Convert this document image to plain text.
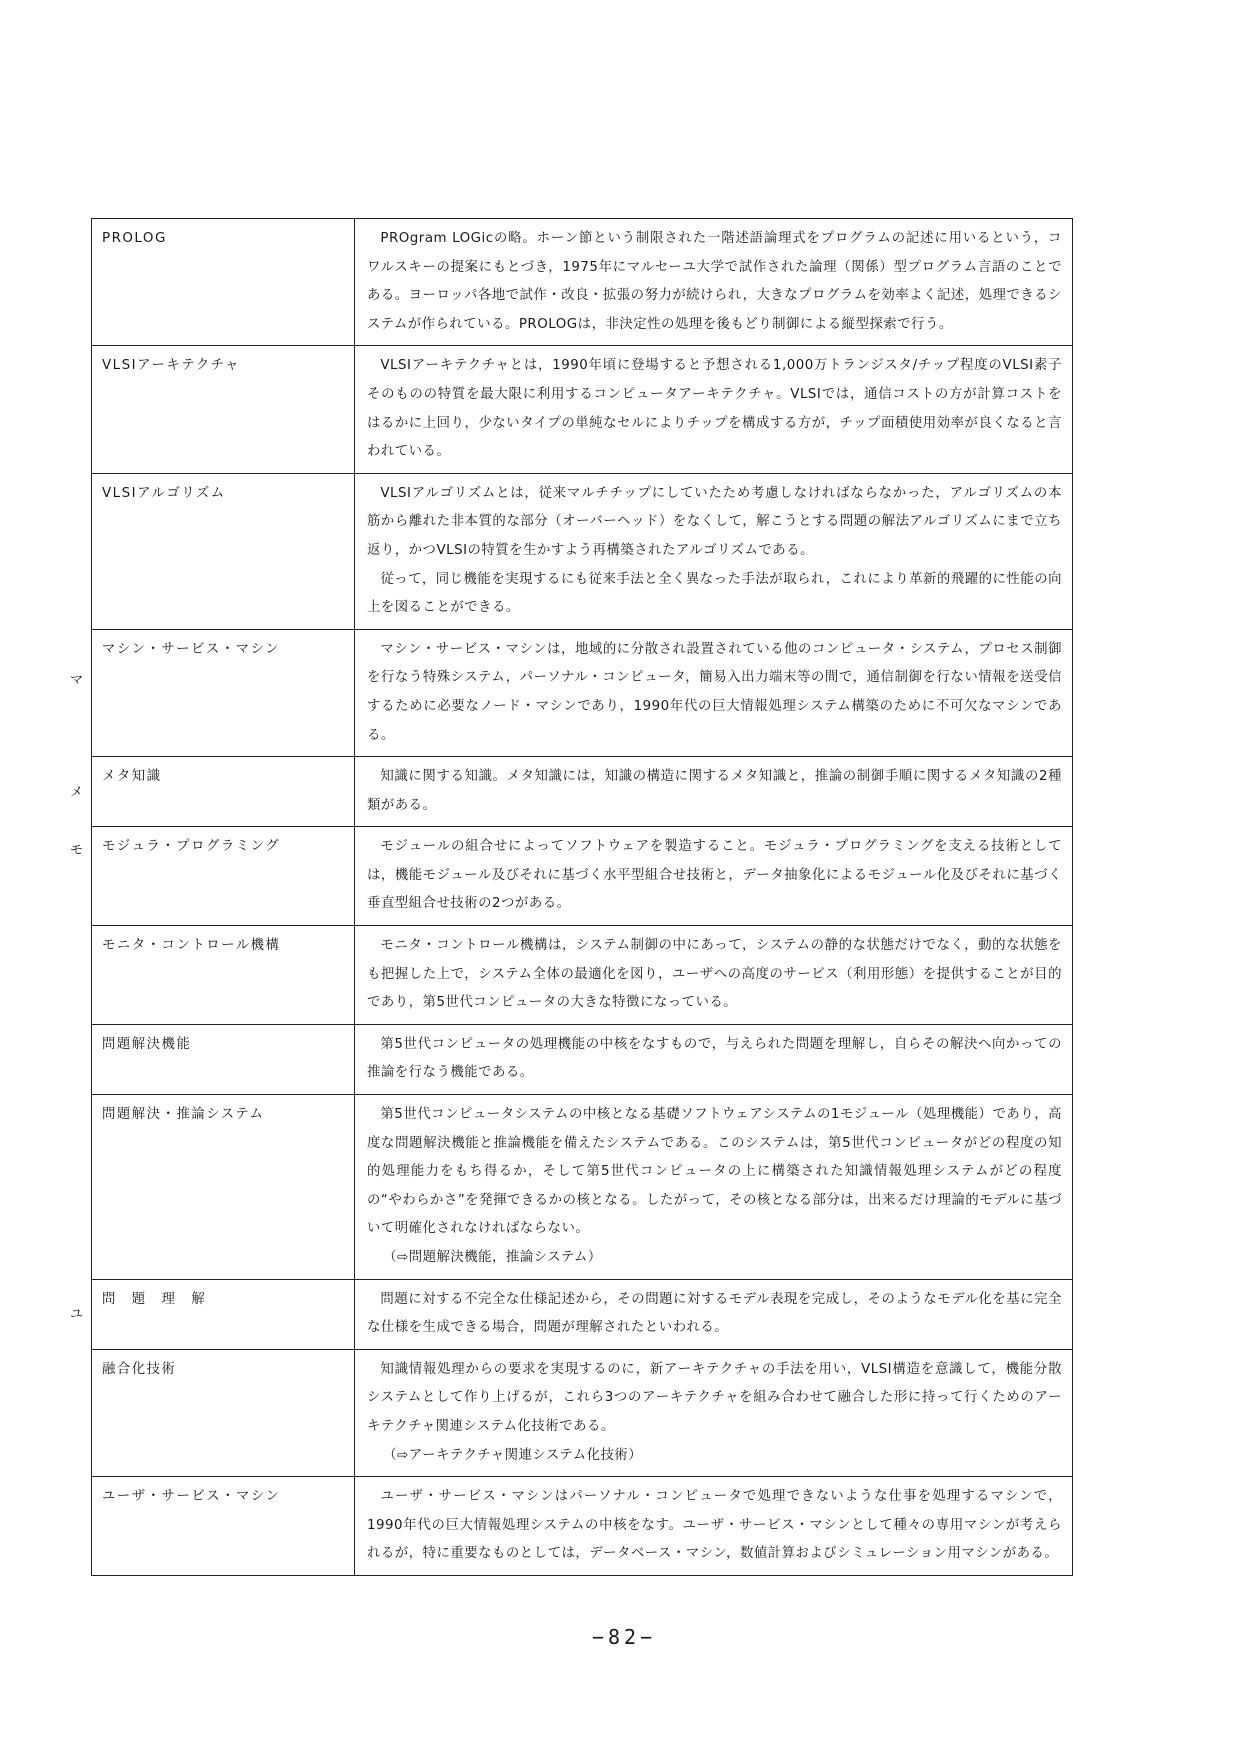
マ
メ
モ
ユ
PROLOG	PROgram LOGicの略。ホーン節という制限された一階述語論理式をプログラムの記述に用いるという，コワルスキーの提案にもとづき，1975年にマルセーユ大学で試作された論理（関係）型プログラム言語のことである。ヨーロッパ各地で試作・改良・拡張の努力が続けられ，大きなプログラムを効率よく記述，処理できるシステムが作られている。PROLOGは，非決定性の処理を後もどり制御による縦型探索で行う。

VLSIアーキテクチャ	VLSIアーキテクチャとは，1990年頃に登場すると予想される1,000万トランジスタ/チップ程度のVLSI素子そのものの特質を最大限に利用するコンピュータアーキテクチャ。VLSIでは，通信コストの方が計算コストをはるかに上回り，少ないタイプの単純なセルによりチップを構成する方が，チップ面積使用効率が良くなると言われている。

VLSIアルゴリズム	VLSIアルゴリズムとは，従来マルチチップにしていたため考慮しなければならなかった，アルゴリズムの本筋から離れた非本質的な部分（オーバーヘッド）をなくして，解こうとする問題の解法アルゴリズムにまで立ち返り，かつVLSIの特質を生かすよう再構築されたアルゴリズムである。

従って，同じ機能を実現するにも従来手法と全く異なった手法が取られ，これにより革新的飛躍的に性能の向上を図ることができる。

マシン・サービス・マシン	マシン・サービス・マシンは，地域的に分散され設置されている他のコンピュータ・システム，プロセス制御を行なう特殊システム，パーソナル・コンピュータ，簡易入出力端末等の間で，通信制御を行ない情報を送受信するために必要なノード・マシンであり，1990年代の巨大情報処理システム構築のために不可欠なマシンである。

メタ知識	知識に関する知識。メタ知識には，知識の構造に関するメタ知識と，推論の制御手順に関するメタ知識の2種類がある。

モジュラ・プログラミング	モジュールの組合せによってソフトウェアを製造すること。モジュラ・プログラミングを支える技術としては，機能モジュール及びそれに基づく水平型組合せ技術と，データ抽象化によるモジュール化及びそれに基づく垂直型組合せ技術の2つがある。

モニタ・コントロール機構	モニタ・コントロール機構は，システム制御の中にあって，システムの静的な状態だけでなく，動的な状態をも把握した上で，システム全体の最適化を図り，ユーザへの高度のサービス（利用形態）を提供することが目的であり，第5世代コンピュータの大きな特徴になっている。

問題解決機能	第5世代コンピュータの処理機能の中核をなすもので，与えられた問題を理解し，自らその解決へ向かっての推論を行なう機能である。

問題解決・推論システム	第5世代コンピュータシステムの中核となる基礎ソフトウェアシステムの1モジュール（処理機能）であり，高度な問題解決機能と推論機能を備えたシステムである。このシステムは，第5世代コンピュータがどの程度の知的処理能力をもち得るか，そして第5世代コンピュータの上に構築された知識情報処理システムがどの程度の“やわらかさ”を発揮できるかの核となる。したがって，その核となる部分は，出来るだけ理論的モデルに基づいて明確化されなければならない。

（⇨問題解決機能，推論システム）

問　題　理　解	問題に対する不完全な仕様記述から，その問題に対するモデル表現を完成し，そのようなモデル化を基に完全な仕様を生成できる場合，問題が理解されたといわれる。

融合化技術	知識情報処理からの要求を実現するのに，新アーキテクチャの手法を用い，VLSI構造を意識して，機能分散システムとして作り上げるが，これら3つのアーキテクチャを組み合わせて融合した形に持って行くためのアーキテクチャ関連システム化技術である。

（⇨アーキテクチャ関連システム化技術）

ユーザ・サービス・マシン	ユーザ・サービス・マシンはパーソナル・コンピュータで処理できないような仕事を処理するマシンで，1990年代の巨大情報処理システムの中核をなす。ユーザ・サービス・マシンとして種々の専用マシンが考えられるが，特に重要なものとしては，データベース・マシン，数値計算およびシミュレーション用マシンがある。

−82−
